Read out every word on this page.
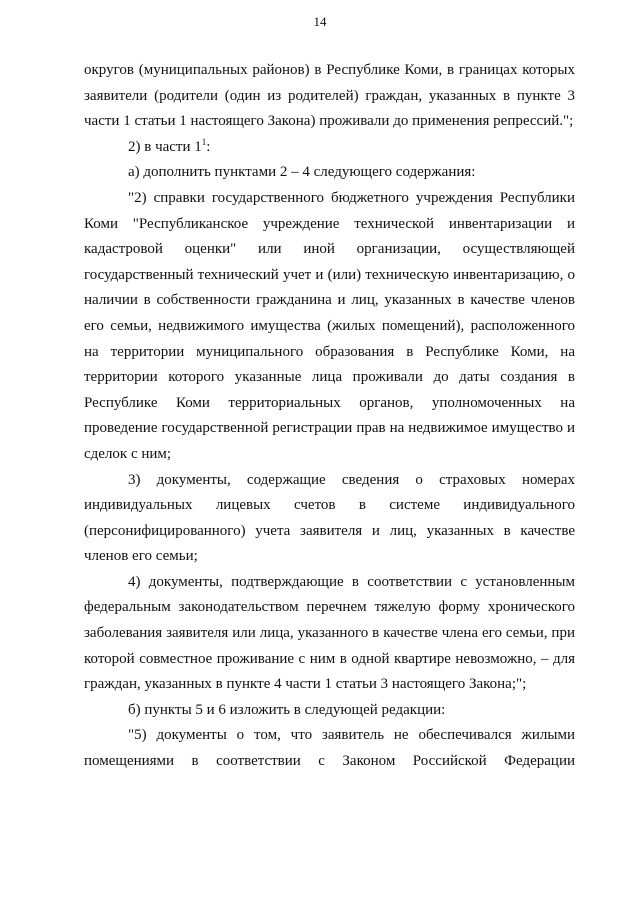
14

округов (муниципальных районов) в Республике Коми, в границах которых заявители (родители (один из родителей) граждан, указанных в пункте 3 части 1 статьи 1 настоящего Закона) проживали до применения репрессий.";

2) в части $1^1$:

а) дополнить пунктами 2 – 4 следующего содержания:

"2) справки государственного бюджетного учреждения Республики Коми "Республиканское учреждение технической инвентаризации и кадастровой оценки" или иной организации, осуществляющей государственный технический учет и (или) техническую инвентаризацию, о наличии в собственности гражданина и лиц, указанных в качестве членов его семьи, недвижимого имущества (жилых помещений), расположенного на территории муниципального образования в Республике Коми, на территории которого указанные лица проживали до даты создания в Республике Коми территориальных органов, уполномоченных на проведение государственной регистрации прав на недвижимое имущество и сделок с ним;

3) документы, содержащие сведения о страховых номерах индивидуальных лицевых счетов в системе индивидуального (персонифицированного) учета заявителя и лиц, указанных в качестве членов его семьи;

4) документы, подтверждающие в соответствии с установленным федеральным законодательством перечнем тяжелую форму хронического заболевания заявителя или лица, указанного в качестве члена его семьи, при которой совместное проживание с ним в одной квартире невозможно, – для граждан, указанных в пункте 4 части 1 статьи 3 настоящего Закона;";

б) пункты 5 и 6 изложить в следующей редакции:

"5) документы о том, что заявитель не обеспечивался жилыми помещениями в соответствии с Законом Российской Федерации
